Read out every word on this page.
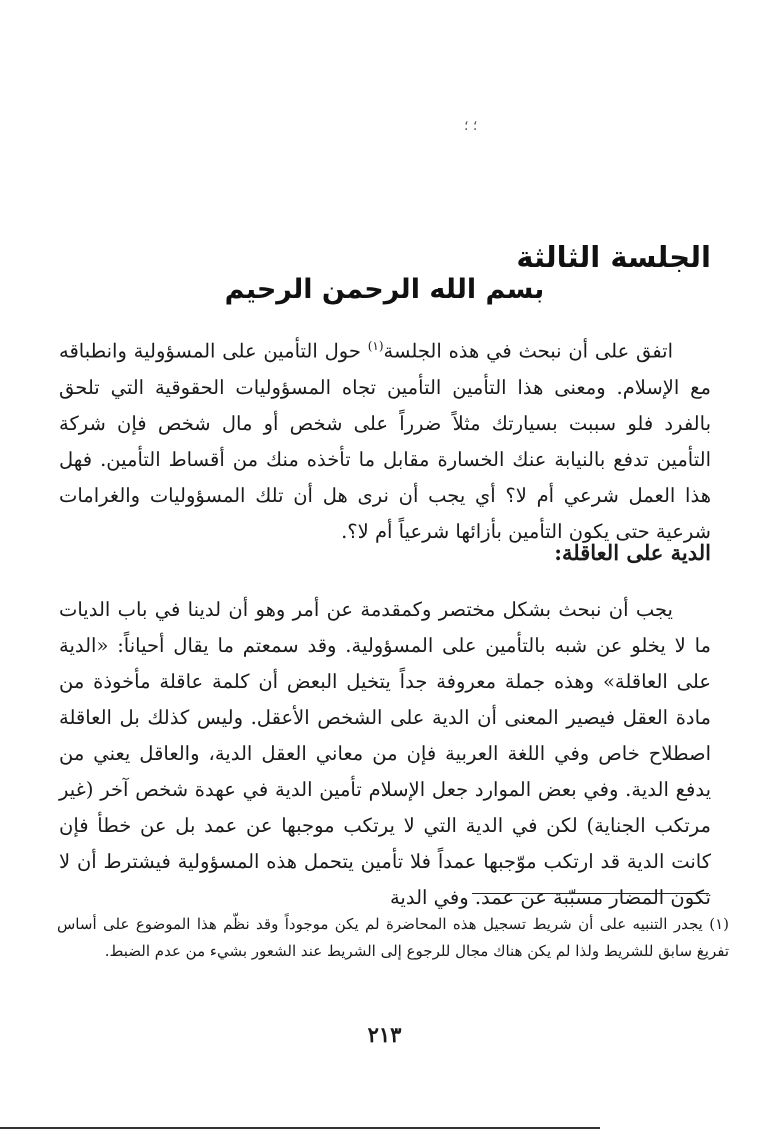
؛ ؛
الجلسة الثالثة
بسم الله الرحمن الرحيم

اتفق على أن نبحث في هذه الجلسة$^{(١)}$ حول التأمين على المسؤولية وانطباقه مع الإسلام. ومعنى هذا التأمين التأمين تجاه المسؤوليات الحقوقية التي تلحق بالفرد فلو سببت بسيارتك مثلاً ضرراً على شخص أو مال شخص فإن شركة التأمين تدفع بالنيابة عنك الخسارة مقابل ما تأخذه منك من أقساط التأمين. فهل هذا العمل شرعي أم لا؟ أي يجب أن نرى هل أن تلك المسؤوليات والغرامات شرعية حتى يكون التأمين بأزائها شرعياً أم لا؟.

الدية على العاقلة:

يجب أن نبحث بشكل مختصر وكمقدمة عن أمر وهو أن لدينا في باب الديات ما لا يخلو عن شبه بالتأمين على المسؤولية. وقد سمعتم ما يقال أحياناً: «الدية على العاقلة» وهذه جملة معروفة جداً يتخيل البعض أن كلمة عاقلة مأخوذة من مادة العقل فيصير المعنى أن الدية على الشخص الأعقل. وليس كذلك بل العاقلة اصطلاح خاص وفي اللغة العربية فإن من معاني العقل الدية، والعاقل يعني من يدفع الدية. وفي بعض الموارد جعل الإسلام تأمين الدية في عهدة شخص آخر (غير مرتكب الجناية) لكن في الدية التي لا يرتكب موجبها عن عمد بل عن خطأ فإن كانت الدية قد ارتكب موّجبها عمداً فلا تأمين يتحمل هذه المسؤولية فيشترط أن لا تكون المضار مسبّبة عن عمد. وفي الدية

(١) يجدر التنبيه على أن شريط تسجيل هذه المحاضرة لم يكن موجوداً وقد نظّم هذا الموضوع على أساس تفريغ سابق للشريط ولذا لم يكن هناك مجال للرجوع إلى الشريط عند الشعور بشيء من عدم الضبط.

٢١٣
